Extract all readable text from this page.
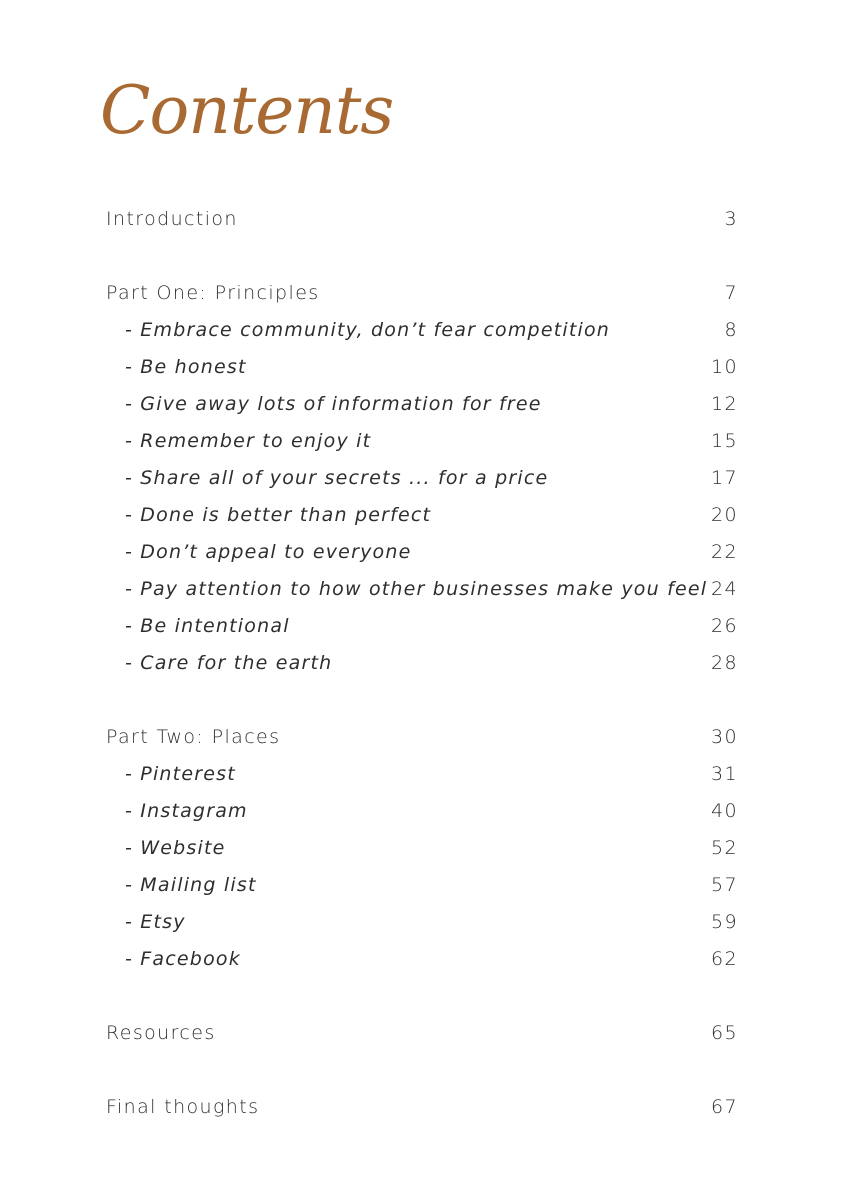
Contents
Introduction	3
Part One: Principles	7
- Embrace community, don’t fear competition	8
- Be honest	10
- Give away lots of information for free	12
- Remember to enjoy it	15
- Share all of your secrets ... for a price	17
- Done is better than perfect	20
- Don’t appeal to everyone	22
- Pay attention to how other businesses make you feel 24
- Be intentional	26
- Care for the earth	28
Part Two: Places	30
- Pinterest	31
- Instagram	40
- Website	52
- Mailing list	57
- Etsy	59
- Facebook	62
Resources	65
Final thoughts	67
